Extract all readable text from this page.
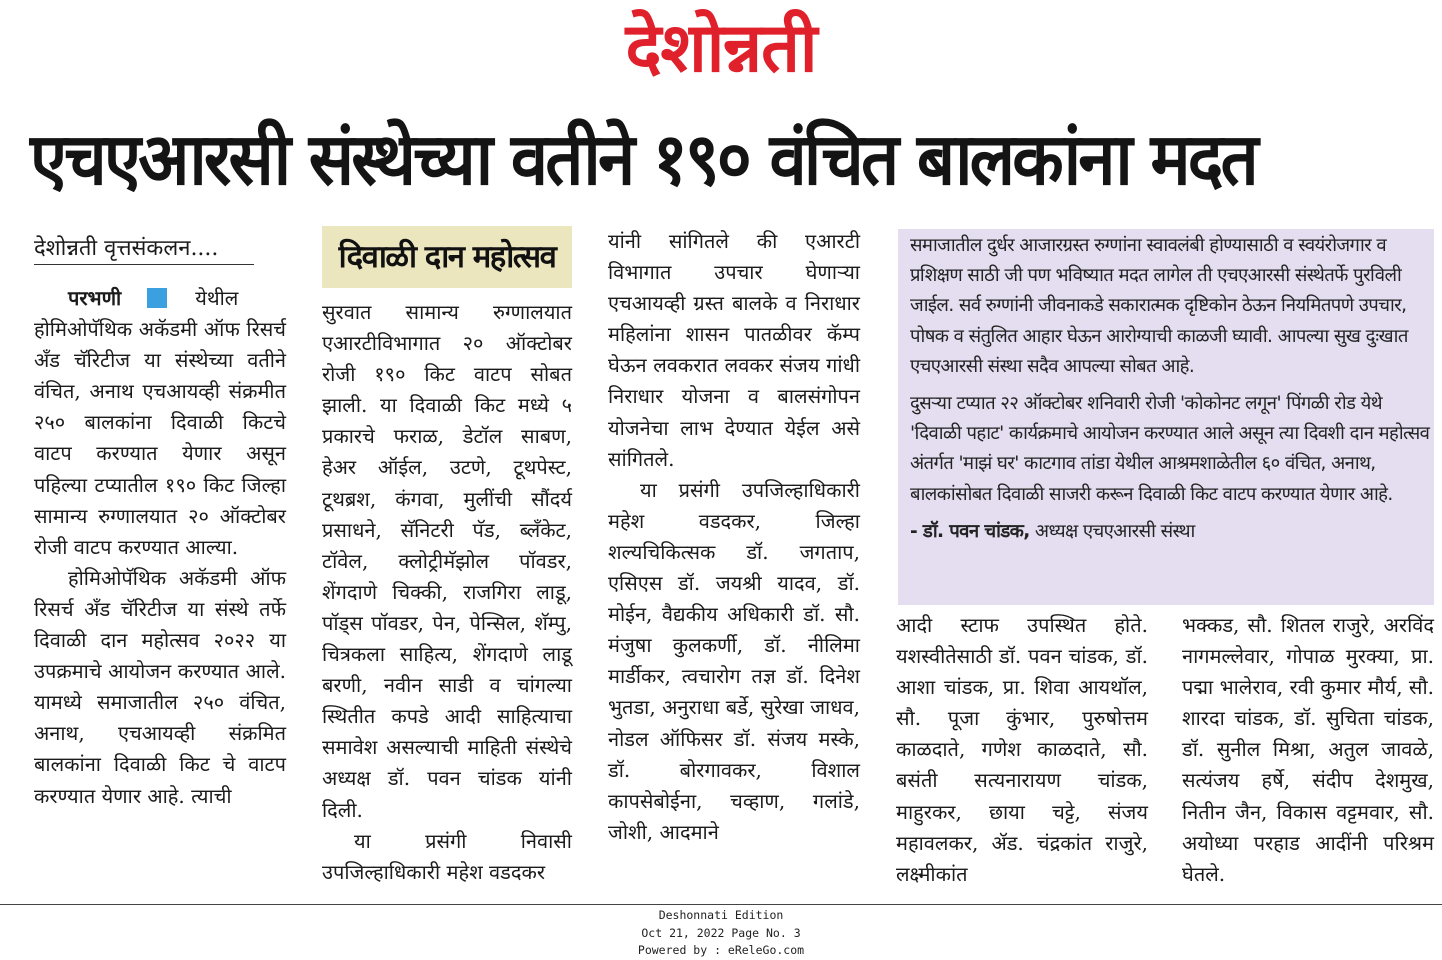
देशोन्नती
एचएआरसी संस्थेच्या वतीने १९० वंचित बालकांना मदत
देशोन्नती वृत्तसंकलन....

परभणी	येथील होमिओपॅथिक अकॅडमी ऑफ रिसर्च अँड चॅरिटीज या संस्थेच्या वतीने वंचित, अनाथ एचआयव्ही संक्रमीत २५० बालकांना दिवाळी किटचे वाटप करण्यात येणार असून पहिल्या टप्यातील १९० किट जिल्हा सामान्य रुग्णालयात २० ऑक्टोबर रोजी वाटप करण्यात आल्या.

होमिओपॅथिक अकॅडमी ऑफ रिसर्च अँड चॅरिटीज या संस्थे तर्फे दिवाळी दान महोत्सव २०२२ या उपक्रमाचे आयोजन करण्यात आले. यामध्ये समाजातील २५० वंचित, अनाथ, एचआयव्ही संक्रमित बालकांना दिवाळी किट चे वाटप करण्यात येणार आहे. त्याची

दिवाळी दान महोत्सव

सुरवात सामान्य रुग्णालयात एआरटीविभागात २० ऑक्टोबर रोजी १९० किट वाटप सोबत झाली. या दिवाळी किट मध्ये ५ प्रकारचे फराळ, डेटॉल साबण, हेअर ऑईल, उटणे, टूथपेस्ट, टूथब्रश, कंगवा, मुलींची सौंदर्य प्रसाधने, सॅनिटरी पॅड, ब्लॅंकेट, टॉवेल, क्लोट्रीमॅझोल पॉवडर, शेंगदाणे चिक्की, राजगिरा लाडू, पॉड्स पॉवडर, पेन, पेन्सिल, शॅम्पु, चित्रकला साहित्य, शेंगदाणे लाडू बरणी, नवीन साडी व चांगल्या स्थितीत कपडे आदी साहित्याचा समावेश असल्याची माहिती संस्थेचे अध्यक्ष डॉ. पवन चांडक यांनी दिली.

या प्रसंगी निवासी उपजिल्हाधिकारी महेश वडदकर

यांनी सांगितले की एआरटी विभागात उपचार घेणाऱ्या एचआयव्ही ग्रस्त बालके व निराधार महिलांना शासन पातळीवर कॅम्प घेऊन लवकरात लवकर संजय गांधी निराधार योजना व बालसंगोपन योजनेचा लाभ देण्यात येईल असे सांगितले.

या प्रसंगी उपजिल्हाधिकारी महेश वडदकर, जिल्हा शल्यचिकित्सक डॉ. जगताप, एसिएस डॉ. जयश्री यादव, डॉ. मोईन, वैद्यकीय अधिकारी डॉ. सौ. मंजुषा कुलकर्णी, डॉ. नीलिमा मार्डीकर, त्वचारोग तज्ञ डॉ. दिनेश भुतडा, अनुराधा बर्डे, सुरेखा जाधव, नोडल ऑफिसर डॉ. संजय मस्के, डॉ. बोरगावकर, विशाल कापसेबोईना, चव्हाण, गलांडे, जोशी, आदमाने

समाजातील दुर्धर आजारग्रस्त रुग्णांना स्वावलंबी होण्यासाठी व स्वयंरोजगार व प्रशिक्षण साठी जी पण भविष्यात मदत लागेल ती एचएआरसी संस्थेतर्फे पुरविली जाईल. सर्व रुग्णांनी जीवनाकडे सकारात्मक दृष्टिकोन ठेऊन नियमितपणे उपचार, पोषक व संतुलित आहार घेऊन आरोग्याची काळजी घ्यावी. आपल्या सुख दुःखात एचएआरसी संस्था सदैव आपल्या सोबत आहे.

दुसऱ्या टप्यात २२ ऑक्टोबर शनिवारी रोजी 'कोकोनट लगून' पिंगळी रोड येथे 'दिवाळी पहाट' कार्यक्रमाचे आयोजन करण्यात आले असून त्या दिवशी दान महोत्सव अंतर्गत 'माझं घर' काटगाव तांडा येथील आश्रमशाळेतील ६० वंचित, अनाथ, बालकांसोबत दिवाळी साजरी करून दिवाळी किट वाटप करण्यात येणार आहे.

- डॉ. पवन चांडक, अध्यक्ष एचएआरसी संस्था

आदी स्टाफ उपस्थित होते. यशस्वीतेसाठी डॉ. पवन चांडक, डॉ. आशा चांडक, प्रा. शिवा आयथॉल, सौ. पूजा कुंभार, पुरुषोत्तम काळदाते, गणेश काळदाते, सौ. बसंती सत्यनारायण चांडक, माहुरकर, छाया चट्टे, संजय महावलकर, ॲड. चंद्रकांत राजुरे, लक्ष्मीकांत

भक्कड, सौ. शितल राजुरे, अरविंद नागमल्लेवार, गोपाळ मुरक्या, प्रा. पद्मा भालेराव, रवी कुमार मौर्य, सौ. शारदा चांडक, डॉ. सुचिता चांडक, डॉ. सुनील मिश्रा, अतुल जावळे, सत्यंजय हर्षे, संदीप देशमुख, नितीन जैन, विकास वट्टमवार, सौ. अयोध्या परहाड आदींनी परिश्रम घेतले.

Deshonnati Edition
Oct 21, 2022 Page No. 3
Powered by : eReleGo.com
